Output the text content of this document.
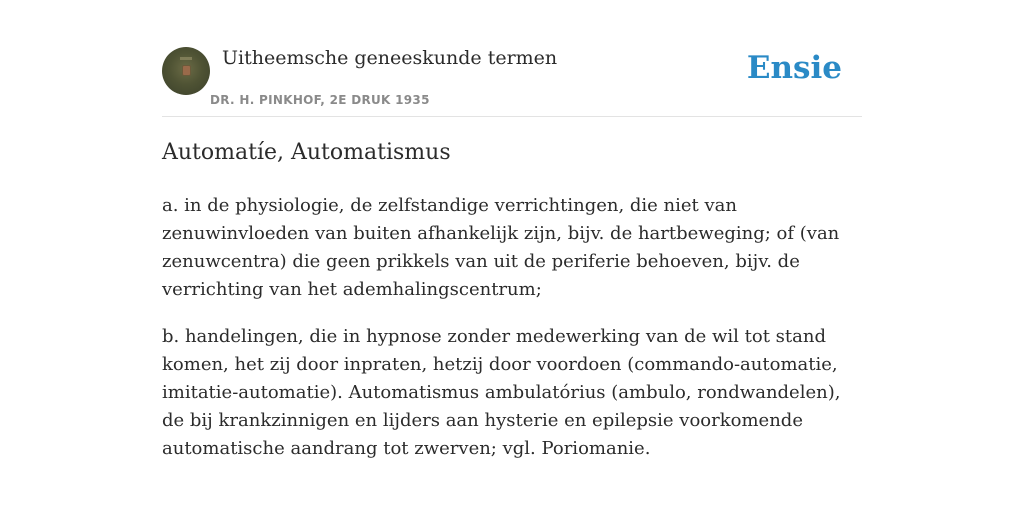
Uitheemsche geneeskunde termen
DR. H. PINKHOF, 2E DRUK 1935
Ensie
Automatíe, Automatismus

a. in de physiologie, de zelfstandige verrichtingen, die niet van zenuwinvloeden van buiten afhankelijk zijn, bijv. de hartbeweging; of (van zenuwcentra) die geen prikkels van uit de periferie behoeven, bijv. de verrichting van het ademhalingscentrum;

b. handelingen, die in hypnose zonder medewerking van de wil tot stand komen, het zij door inpraten, hetzij door voordoen (commando-automatie, imitatie-automatie). Automatismus ambulatórius (ambulo, rondwandelen), de bij krankzinnigen en lijders aan hysterie en epilepsie voorkomende automatische aandrang tot zwerven; vgl. Poriomanie.
